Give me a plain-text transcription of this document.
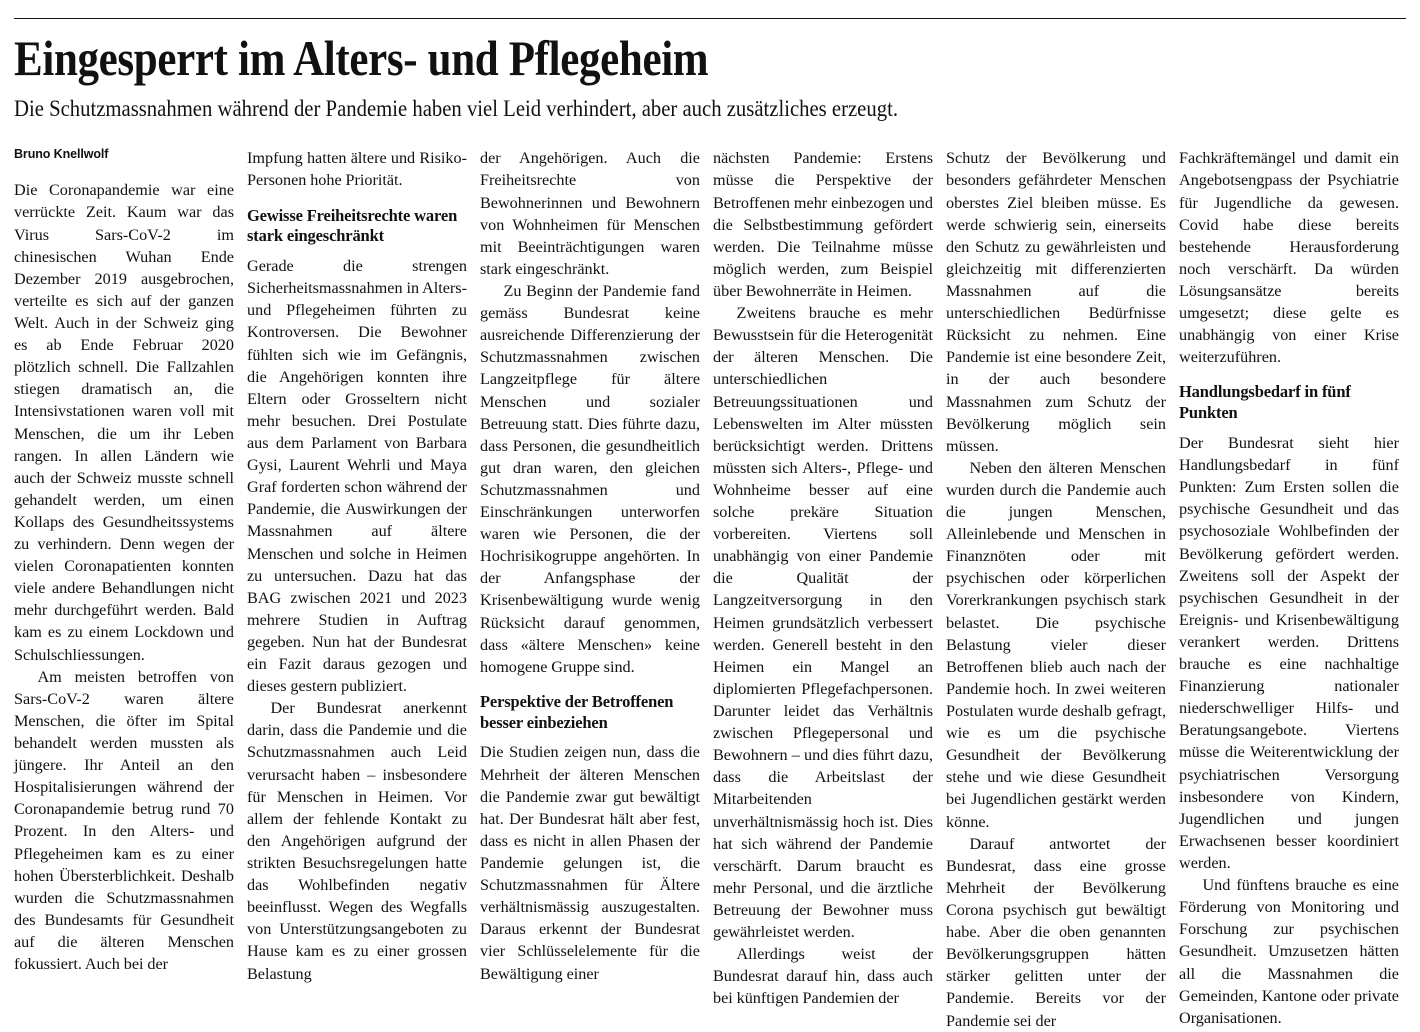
Eingesperrt im Alters- und Pflegeheim

Die Schutzmassnahmen während der Pandemie haben viel Leid verhindert, aber auch zusätzliches erzeugt.

Bruno Knellwolf

Die Coronapandemie war eine verrückte Zeit. Kaum war das Virus Sars-CoV-2 im chinesischen Wuhan Ende Dezember 2019 ausgebrochen, verteilte es sich auf der ganzen Welt. Auch in der Schweiz ging es ab Ende Februar 2020 plötzlich schnell. Die Fallzahlen stiegen dramatisch an, die Intensivstationen waren voll mit Menschen, die um ihr Leben rangen. In allen Ländern wie auch der Schweiz musste schnell gehandelt werden, um einen Kollaps des Gesundheitssystems zu verhindern. Denn wegen der vielen Coronapatienten konnten viele andere Behandlungen nicht mehr durchgeführt werden. Bald kam es zu einem Lockdown und Schulschliessungen.

Am meisten betroffen von Sars-CoV-2 waren ältere Menschen, die öfter im Spital behandelt werden mussten als jüngere. Ihr Anteil an den Hospitalisierungen während der Coronapandemie betrug rund 70 Prozent. In den Alters- und Pflegeheimen kam es zu einer hohen Übersterblichkeit. Deshalb wurden die Schutzmassnahmen des Bundesamts für Gesundheit auf die älteren Menschen fokussiert. Auch bei der

Impfung hatten ältere und Risiko-Personen hohe Priorität.

Gewisse Freiheitsrechte waren stark eingeschränkt

Gerade die strengen Sicherheitsmassnahmen in Alters- und Pflegeheimen führten zu Kontroversen. Die Bewohner fühlten sich wie im Gefängnis, die Angehörigen konnten ihre Eltern oder Grosseltern nicht mehr besuchen. Drei Postulate aus dem Parlament von Barbara Gysi, Laurent Wehrli und Maya Graf forderten schon während der Pandemie, die Auswirkungen der Massnahmen auf ältere Menschen und solche in Heimen zu untersuchen. Dazu hat das BAG zwischen 2021 und 2023 mehrere Studien in Auftrag gegeben. Nun hat der Bundesrat ein Fazit daraus gezogen und dieses gestern publiziert.

Der Bundesrat anerkennt darin, dass die Pandemie und die Schutzmassnahmen auch Leid verursacht haben – insbesondere für Menschen in Heimen. Vor allem der fehlende Kontakt zu den Angehörigen aufgrund der strikten Besuchsregelungen hatte das Wohlbefinden negativ beeinflusst. Wegen des Wegfalls von Unterstützungsangeboten zu Hause kam es zu einer grossen Belastung

der Angehörigen. Auch die Freiheitsrechte von Bewohnerinnen und Bewohnern von Wohnheimen für Menschen mit Beeinträchtigungen waren stark eingeschränkt.

Zu Beginn der Pandemie fand gemäss Bundesrat keine ausreichende Differenzierung der Schutzmassnahmen zwischen Langzeitpflege für ältere Menschen und sozialer Betreuung statt. Dies führte dazu, dass Personen, die gesundheitlich gut dran waren, den gleichen Schutzmassnahmen und Einschränkungen unterworfen waren wie Personen, die der Hochrisikogruppe angehörten. In der Anfangsphase der Krisenbewältigung wurde wenig Rücksicht darauf genommen, dass «ältere Menschen» keine homogene Gruppe sind.

Perspektive der Betroffenen besser einbeziehen

Die Studien zeigen nun, dass die Mehrheit der älteren Menschen die Pandemie zwar gut bewältigt hat. Der Bundesrat hält aber fest, dass es nicht in allen Phasen der Pandemie gelungen ist, die Schutzmassnahmen für Ältere verhältnismässig auszugestalten. Daraus erkennt der Bundesrat vier Schlüsselelemente für die Bewältigung einer

nächsten Pandemie: Erstens müsse die Perspektive der Betroffenen mehr einbezogen und die Selbstbestimmung gefördert werden. Die Teilnahme müsse möglich werden, zum Beispiel über Bewohnerräte in Heimen.

Zweitens brauche es mehr Bewusstsein für die Heterogenität der älteren Menschen. Die unterschiedlichen Betreuungssituationen und Lebenswelten im Alter müssten berücksichtigt werden. Drittens müssten sich Alters-, Pflege- und Wohnheime besser auf eine solche prekäre Situation vorbereiten. Viertens soll unabhängig von einer Pandemie die Qualität der Langzeitversorgung in den Heimen grundsätzlich verbessert werden. Generell besteht in den Heimen ein Mangel an diplomierten Pflegefachpersonen. Darunter leidet das Verhältnis zwischen Pflegepersonal und Bewohnern – und dies führt dazu, dass die Arbeitslast der Mitarbeitenden unverhältnismässig hoch ist. Dies hat sich während der Pandemie verschärft. Darum braucht es mehr Personal, und die ärztliche Betreuung der Bewohner muss gewährleistet werden.

Allerdings weist der Bundesrat darauf hin, dass auch bei künftigen Pandemien der

Schutz der Bevölkerung und besonders gefährdeter Menschen oberstes Ziel bleiben müsse. Es werde schwierig sein, einerseits den Schutz zu gewährleisten und gleichzeitig mit differenzierten Massnahmen auf die unterschiedlichen Bedürfnisse Rücksicht zu nehmen. Eine Pandemie ist eine besondere Zeit, in der auch besondere Massnahmen zum Schutz der Bevölkerung möglich sein müssen.

Neben den älteren Menschen wurden durch die Pandemie auch die jungen Menschen, Alleinlebende und Menschen in Finanznöten oder mit psychischen oder körperlichen Vorerkrankungen psychisch stark belastet. Die psychische Belastung vieler dieser Betroffenen blieb auch nach der Pandemie hoch. In zwei weiteren Postulaten wurde deshalb gefragt, wie es um die psychische Gesundheit der Bevölkerung stehe und wie diese Gesundheit bei Jugendlichen gestärkt werden könne.

Darauf antwortet der Bundesrat, dass eine grosse Mehrheit der Bevölkerung Corona psychisch gut bewältigt habe. Aber die oben genannten Bevölkerungsgruppen hätten stärker gelitten unter der Pandemie. Bereits vor der Pandemie sei der

Fachkräftemängel und damit ein Angebotsengpass der Psychiatrie für Jugendliche da gewesen. Covid habe diese bereits bestehende Herausforderung noch verschärft. Da würden Lösungsansätze bereits umgesetzt; diese gelte es unabhängig von einer Krise weiterzuführen.

Handlungsbedarf in fünf Punkten

Der Bundesrat sieht hier Handlungsbedarf in fünf Punkten: Zum Ersten sollen die psychische Gesundheit und das psychosoziale Wohlbefinden der Bevölkerung gefördert werden. Zweitens soll der Aspekt der psychischen Gesundheit in der Ereignis- und Krisenbewältigung verankert werden. Drittens brauche es eine nachhaltige Finanzierung nationaler niederschwelliger Hilfs- und Beratungsangebote. Viertens müsse die Weiterentwicklung der psychiatrischen Versorgung insbesondere von Kindern, Jugendlichen und jungen Erwachsenen besser koordiniert werden.

Und fünftens brauche es eine Förderung von Monitoring und Forschung zur psychischen Gesundheit. Umzusetzen hätten all die Massnahmen die Gemeinden, Kantone oder private Organisationen.
